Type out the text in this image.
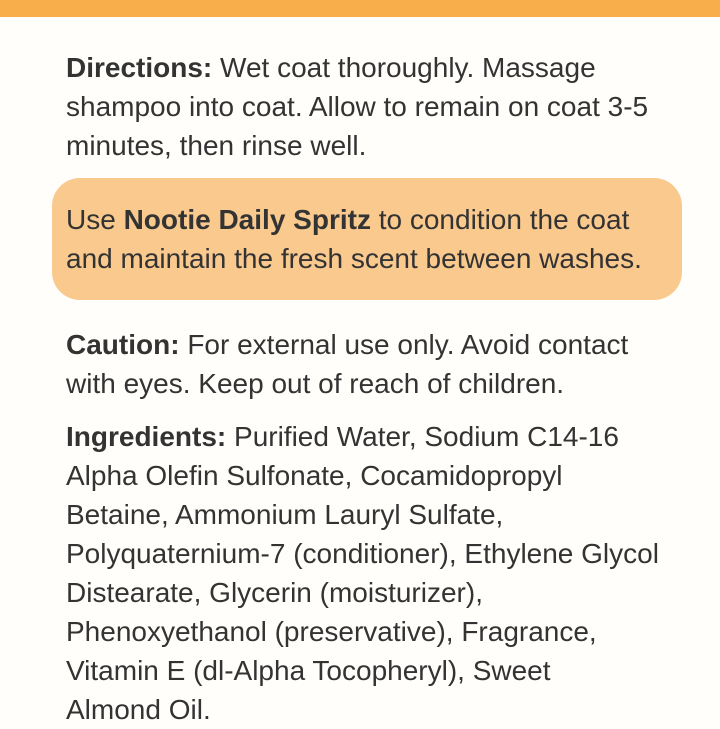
Directions: Wet coat thoroughly. Massage
shampoo into coat. Allow to remain on coat 3-5
minutes, then rinse well.
Use Nootie Daily Spritz to condition the coat
and maintain the fresh scent between washes.
Caution: For external use only. Avoid contact
with eyes. Keep out of reach of children.
Ingredients: Purified Water, Sodium C14-16
Alpha Olefin Sulfonate, Cocamidopropyl
Betaine, Ammonium Lauryl Sulfate,
Polyquaternium-7 (conditioner), Ethylene Glycol
Distearate, Glycerin (moisturizer),
Phenoxyethanol (preservative), Fragrance,
Vitamin E (dl-Alpha Tocopheryl), Sweet
Almond Oil.
